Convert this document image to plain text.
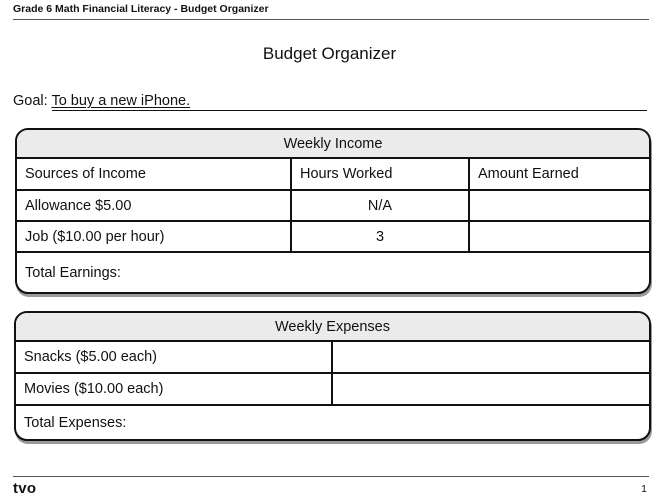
Grade 6 Math Financial Literacy - Budget Organizer
Budget Organizer
Goal: To buy a new iPhone.
Weekly Income		
Sources of Income	Hours Worked	Amount Earned
Allowance $5.00	N/A	
Job ($10.00 per hour)	3	
Total Earnings:		
Weekly Expenses	
Snacks ($5.00 each)	
Movies ($10.00 each)	
Total Expenses:	
tvo	1
